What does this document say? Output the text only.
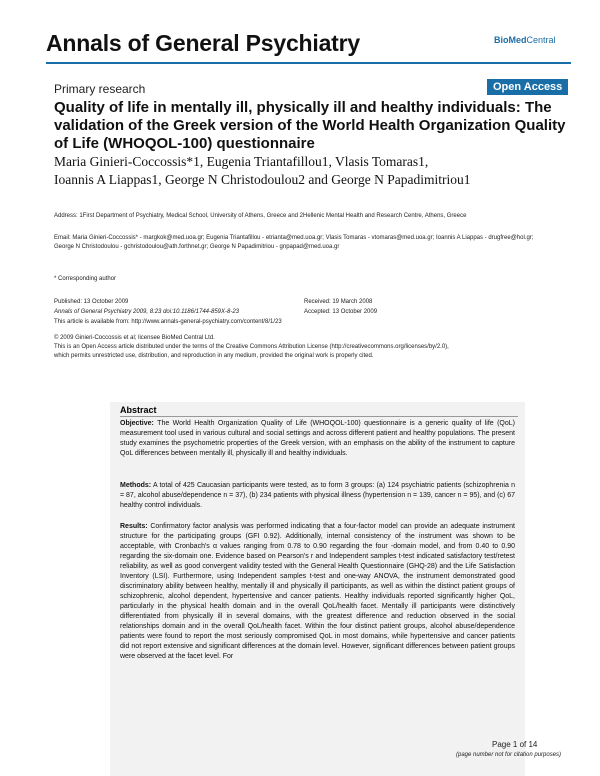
Annals of General Psychiatry	BioMedCentral
Primary research	Open Access
Quality of life in mentally ill, physically ill and healthy individuals: The validation of the Greek version of the World Health Organization Quality of Life (WHOQOL-100) questionnaire
Maria Ginieri-Coccossis*1, Eugenia Triantafillou1, Vlasis Tomaras1,
Ioannis A Liappas1, George N Christodoulou2 and George N Papadimitriou1
Address: 1First Department of Psychiatry, Medical School, University of Athens, Greece and 2Hellenic Mental Health and Research Centre, Athens, Greece
Email: Maria Ginieri-Coccossis* - margkok@med.uoa.gr; Eugenia Triantafillou - etrianta@med.uoa.gr; Vlasis Tomaras - vtomaras@med.uoa.gr; Ioannis A Liappas - drugfree@hol.gr; George N Christodoulou - gchristodoulou@ath.forthnet.gr; George N Papadimitriou - gnpapad@med.uoa.gr
* Corresponding author
Published: 13 October 2009
Annals of General Psychiatry 2009, 8:23 doi:10.1186/1744-859X-8-23
This article is available from: http://www.annals-general-psychiatry.com/content/8/1/23
Received: 19 March 2008
Accepted: 13 October 2009
© 2009 Ginieri-Coccossis et al; licensee BioMed Central Ltd.
This is an Open Access article distributed under the terms of the Creative Commons Attribution License (http://creativecommons.org/licenses/by/2.0),
which permits unrestricted use, distribution, and reproduction in any medium, provided the original work is properly cited.
Abstract
Objective: The World Health Organization Quality of Life (WHOQOL-100) questionnaire is a generic quality of life (QoL) measurement tool used in various cultural and social settings and across different patient and healthy populations. The present study examines the psychometric properties of the Greek version, with an emphasis on the ability of the instrument to capture QoL differences between mentally ill, physically ill and healthy individuals.
Methods: A total of 425 Caucasian participants were tested, as to form 3 groups: (a) 124 psychiatric patients (schizophrenia n = 87, alcohol abuse/dependence n = 37), (b) 234 patients with physical illness (hypertension n = 139, cancer n = 95), and (c) 67 healthy control individuals.
Results: Confirmatory factor analysis was performed indicating that a four-factor model can provide an adequate instrument structure for the participating groups (GFI 0.92). Additionally, internal consistency of the instrument was shown to be acceptable, with Cronbach's α values ranging from 0.78 to 0.90 regarding the four -domain model, and from 0.40 to 0.90 regarding the six-domain one. Evidence based on Pearson's r and Independent samples t-test indicated satisfactory test/retest reliability, as well as good convergent validity tested with the General Health Questionnaire (GHQ-28) and the Life Satisfaction Inventory (LSI). Furthermore, using Independent samples t-test and one-way ANOVA, the instrument demonstrated good discriminatory ability between healthy, mentally ill and physically ill participants, as well as within the distinct patient groups of schizophrenic, alcohol dependent, hypertensive and cancer patients. Healthy individuals reported significantly higher QoL, particularly in the physical health domain and in the overall QoL/health facet. Mentally ill participants were distinctively differentiated from physically ill in several domains, with the greatest difference and reduction observed in the social relationships domain and in the overall QoL/health facet. Within the four distinct patient groups, alcohol abuse/dependence patients were found to report the most seriously compromised QoL in most domains, while hypertensive and cancer patients did not report extensive and significant differences at the domain level. However, significant differences between patient groups were observed at the facet level. For
Page 1 of 14
(page number not for citation purposes)
